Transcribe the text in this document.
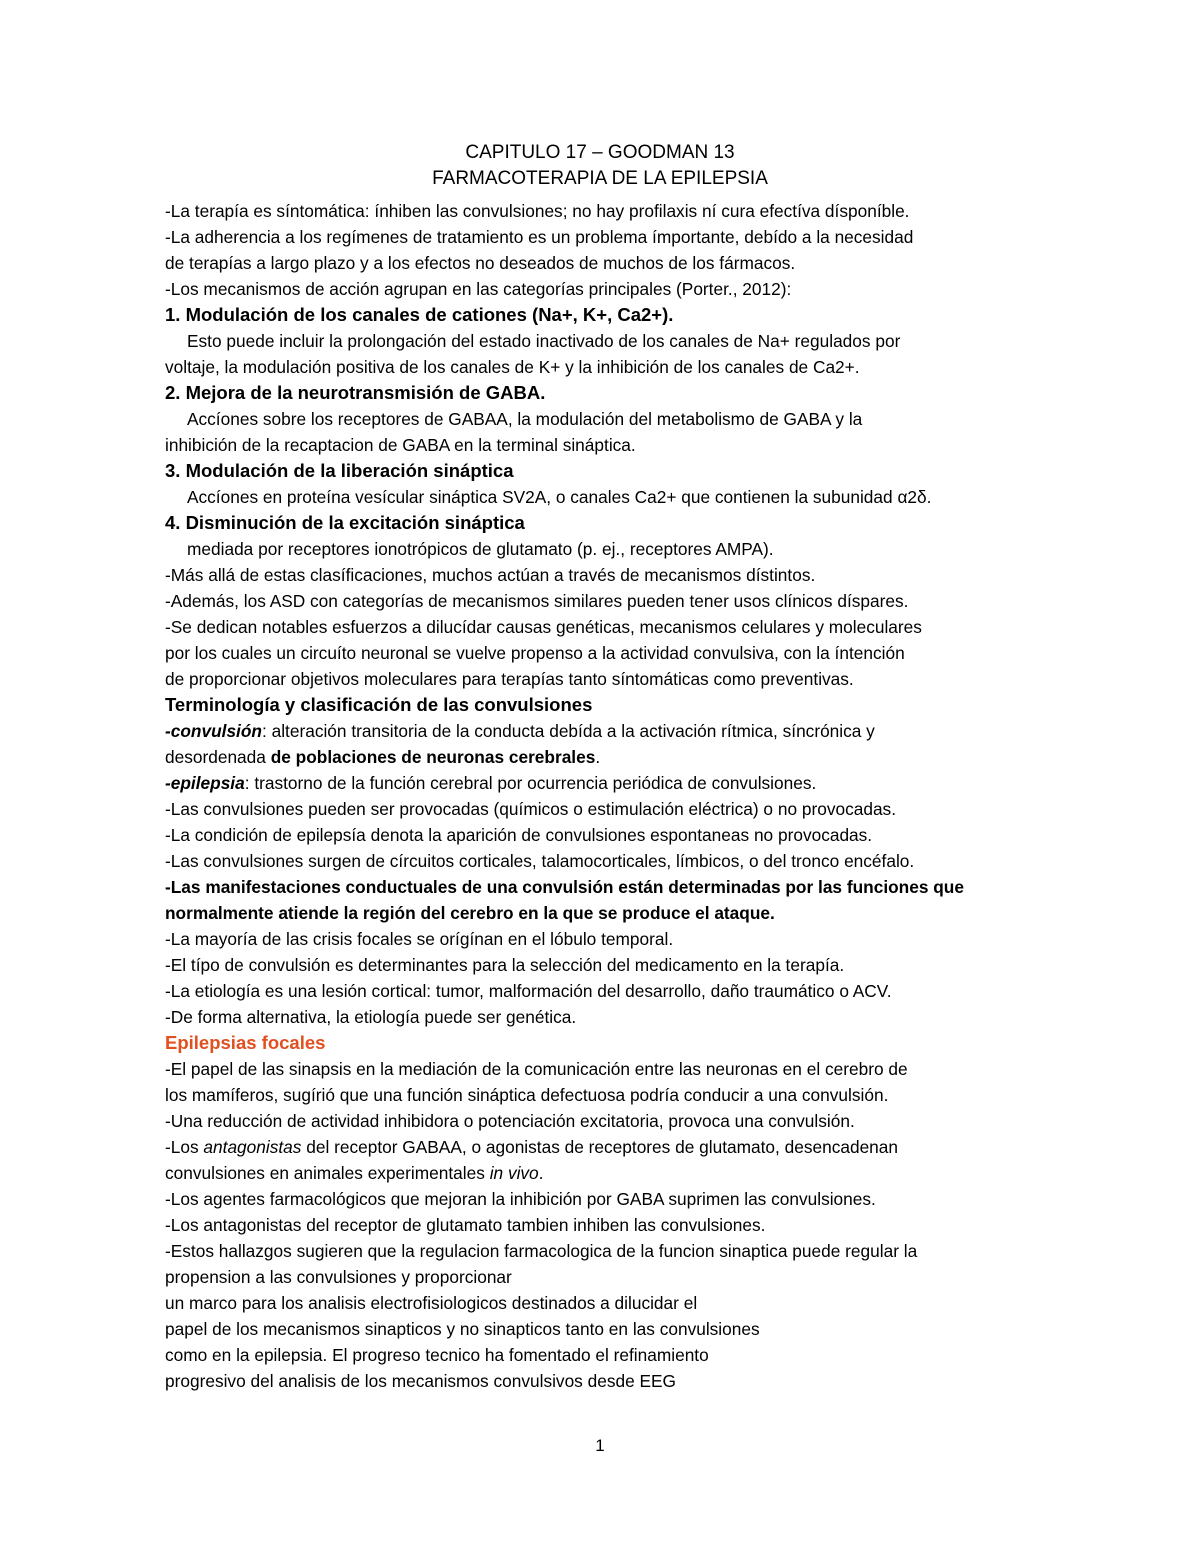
CAPITULO 17 – GOODMAN 13
FARMACOTERAPIA DE LA EPILEPSIA
-La terapía es síntomática: ínhiben las convulsiones; no hay profilaxis ní cura efectíva dísponíble.
-La adherencia a los regímenes de tratamiento es un problema ímportante, debído a la necesidad
de terapías a largo plazo y a los efectos no deseados de muchos de los fármacos.
-Los mecanismos de acción agrupan en las categorías principales (Porter., 2012):
1. Modulación de los canales de cationes (Na+, K+, Ca2+).
Esto puede incluir la prolongación del estado inactivado de los canales de Na+ regulados por
voltaje, la modulación positiva de los canales de K+ y la inhibición de los canales de Ca2+.
2. Mejora de la neurotransmisión de GABA.
Accíones sobre los receptores de GABAA, la modulación del metabolismo de GABA y la
inhibición de la recaptacion de GABA en la terminal sináptica.
3. Modulación de la liberación sináptica
Accíones en proteína vesícular sináptica SV2A, o canales Ca2+ que contienen la subunidad α2δ.
4. Disminución de la excitación sináptica
mediada por receptores ionotrópicos de glutamato (p. ej., receptores AMPA).
-Más allá de estas clasíficaciones, muchos actúan a través de mecanismos dístintos.
-Además, los ASD con categorías de mecanismos similares pueden tener usos clínicos díspares.
-Se dedican notables esfuerzos a dilucídar causas genéticas, mecanismos celulares y moleculares
por los cuales un circuíto neuronal se vuelve propenso a la actividad convulsiva, con la íntención
de proporcionar objetivos moleculares para terapías tanto síntomáticas como preventivas.
Terminología y clasificación de las convulsiones
-convulsión: alteración transitoria de la conducta debída a la activación rítmica, síncrónica y
desordenada de poblaciones de neuronas cerebrales.
-epilepsia: trastorno de la función cerebral por ocurrencia periódica de convulsiones.
-Las convulsiones pueden ser provocadas (químicos o estimulación eléctrica) o no provocadas.
-La condición de epilepsía denota la aparición de convulsiones espontaneas no provocadas.
-Las convulsiones surgen de círcuitos corticales, talamocorticales, límbicos, o del tronco encéfalo.
-Las manifestaciones conductuales de una convulsión están determinadas por las funciones que
normalmente atiende la región del cerebro en la que se produce el ataque.
-La mayoría de las crisis focales se orígínan en el lóbulo temporal.
-El típo de convulsión es determinantes para la selección del medicamento en la terapía.
-La etiología es una lesión cortical: tumor, malformación del desarrollo, daño traumático o ACV.
-De forma alternativa, la etiología puede ser genética.
Epilepsias focales
-El papel de las sinapsis en la mediación de la comunicación entre las neuronas en el cerebro de
los mamíferos, sugírió que una función sináptica defectuosa podría conducir a una convulsión.
-Una reducción de actividad inhibidora o potenciación excitatoria, provoca una convulsión.
-Los antagonistas del receptor GABAA, o agonistas de receptores de glutamato, desencadenan
convulsiones en animales experimentales in vivo.
-Los agentes farmacológicos que mejoran la inhibición por GABA suprimen las convulsiones.
-Los antagonistas del receptor de glutamato tambien inhiben las convulsiones.
-Estos hallazgos sugieren que la regulacion farmacologica de la funcion sinaptica puede regular la
propension a las convulsiones y proporcionar
un marco para los analisis electrofisiologicos destinados a dilucidar el
papel de los mecanismos sinapticos y no sinapticos tanto en las convulsiones
como en la epilepsia. El progreso tecnico ha fomentado el refinamiento
progresivo del analisis de los mecanismos convulsivos desde EEG
1
